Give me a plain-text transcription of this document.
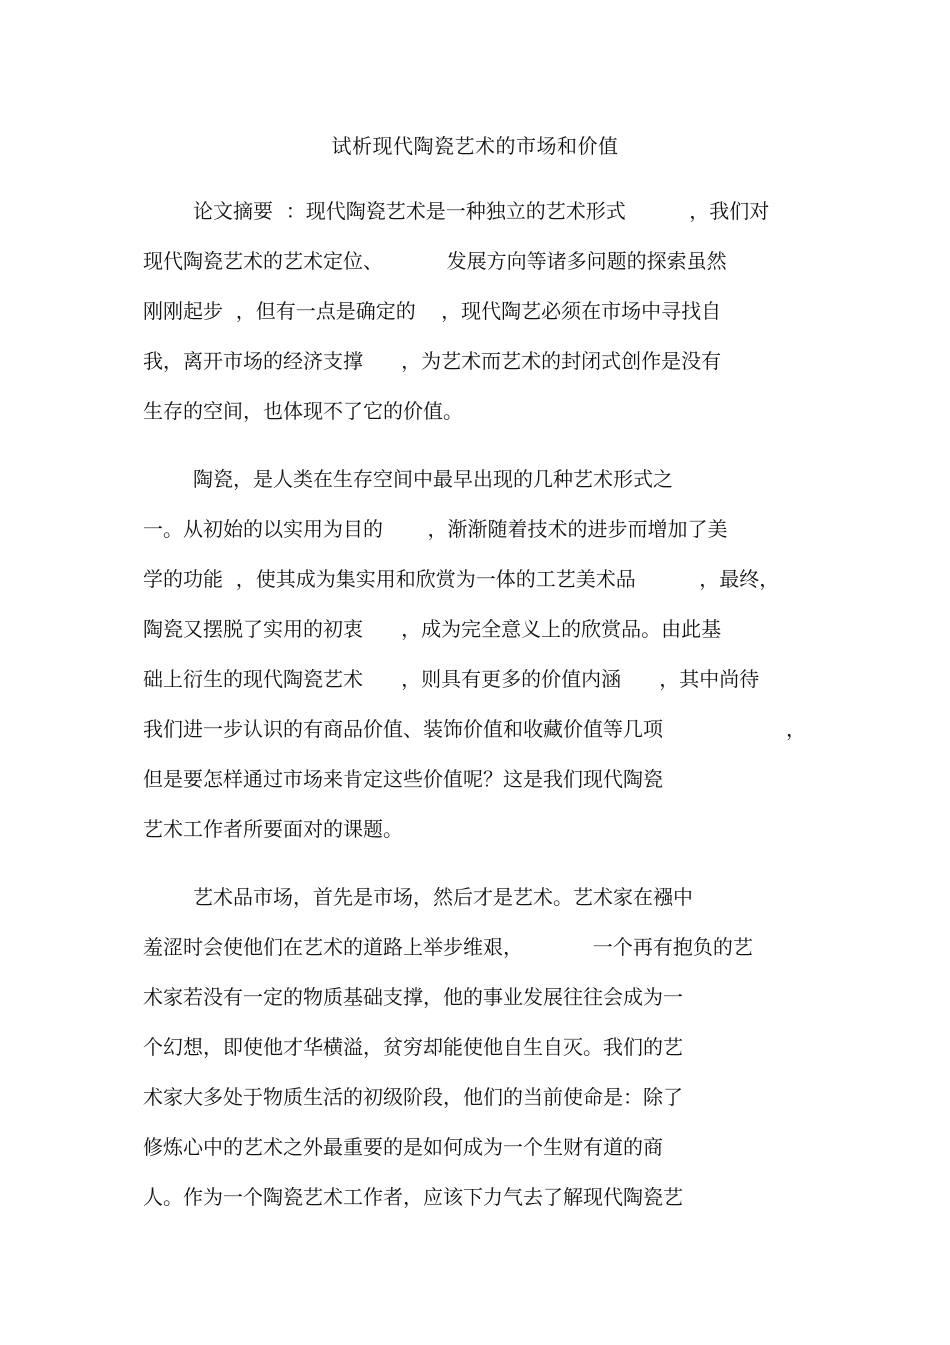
试析现代陶瓷艺术的市场和价值
论文摘要  ：现代陶瓷艺术是一种独立的艺术形式          ，我们对
现代陶瓷艺术的艺术定位、          发展方向等诸多问题的探索虽然
刚刚起步  ，但有一点是确定的    ，现代陶艺必须在市场中寻找自
我，离开市场的经济支撑      ，为艺术而艺术的封闭式创作是没有
生存的空间，也体现不了它的价值。
陶瓷，是人类在生存空间中最早出现的几种艺术形式之
一。从初始的以实用为目的       ，渐渐随着技术的进步而增加了美
学的功能  ，使其成为集实用和欣赏为一体的工艺美术品          ，最终，
陶瓷又摆脱了实用的初衷      ，成为完全意义上的欣赏品。由此基
础上衍生的现代陶瓷艺术      ，则具有更多的价值内涵      ，其中尚待
我们进一步认识的有商品价值、装饰价值和收藏价值等几项	，
但是要怎样通过市场来肯定这些价值呢？这是我们现代陶瓷
艺术工作者所要面对的课题。
艺术品市场，首先是市场，然后才是艺术。艺术家在襁中
羞涩时会使他们在艺术的道路上举步维艰，           一个再有抱负的艺
术家若没有一定的物质基础支撑，他的事业发展往往会成为一
个幻想，即使他才华横溢，贫穷却能使他自生自灭。我们的艺
术家大多处于物质生活的初级阶段，他们的当前使命是：除了
修炼心中的艺术之外最重要的是如何成为一个生财有道的商
人。作为一个陶瓷艺术工作者，应该下力气去了解现代陶瓷艺
